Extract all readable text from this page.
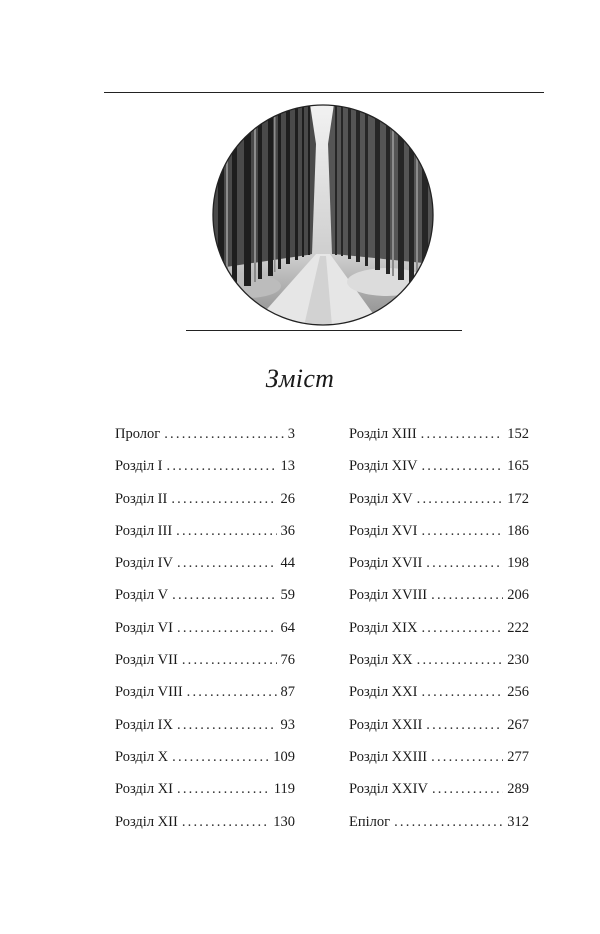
Зміст
Пролог .....	3
Розділ I .....	13
Розділ II .....	26
Розділ III .....	36
Розділ IV .....	44
Розділ V .....	59
Розділ VI .....	64
Розділ VII .....	76
Розділ VIII .....	87
Розділ IX .....	93
Розділ X .....	109
Розділ XI .....	119
Розділ XII .....	130
Розділ XIII .....	152
Розділ XIV .....	165
Розділ XV .....	172
Розділ XVI .....	186
Розділ XVII .....	198
Розділ XVIII .....	206
Розділ XIX .....	222
Розділ XX .....	230
Розділ XXI .....	256
Розділ XXII .....	267
Розділ XXIII .....	277
Розділ XXIV .....	289
Епілог .....	312
